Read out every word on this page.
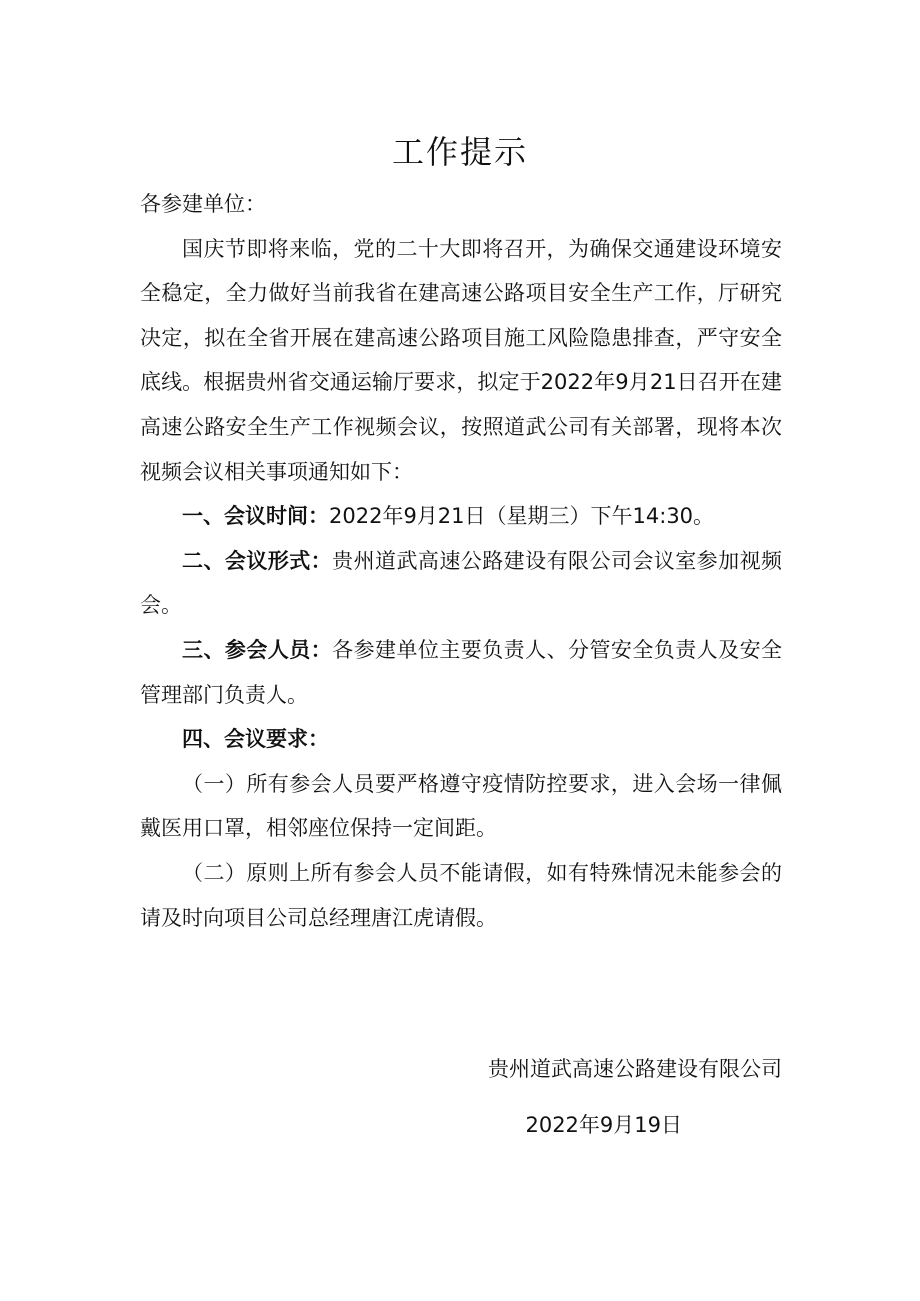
工作提示

各参建单位：

国庆节即将来临，党的二十大即将召开，为确保交通建设环境安全稳定，全力做好当前我省在建高速公路项目安全生产工作，厅研究决定，拟在全省开展在建高速公路项目施工风险隐患排查，严守安全底线。根据贵州省交通运输厅要求，拟定于2022年9月21日召开在建高速公路安全生产工作视频会议，按照道武公司有关部署，现将本次视频会议相关事项通知如下：

一、会议时间：2022年9月21日（星期三）下午14:30。

二、会议形式：贵州道武高速公路建设有限公司会议室参加视频会。

三、参会人员：各参建单位主要负责人、分管安全负责人及安全管理部门负责人。

四、会议要求：

（一）所有参会人员要严格遵守疫情防控要求，进入会场一律佩戴医用口罩，相邻座位保持一定间距。

（二）原则上所有参会人员不能请假，如有特殊情况未能参会的请及时向项目公司总经理唐江虎请假。

贵州道武高速公路建设有限公司
2022年9月19日
